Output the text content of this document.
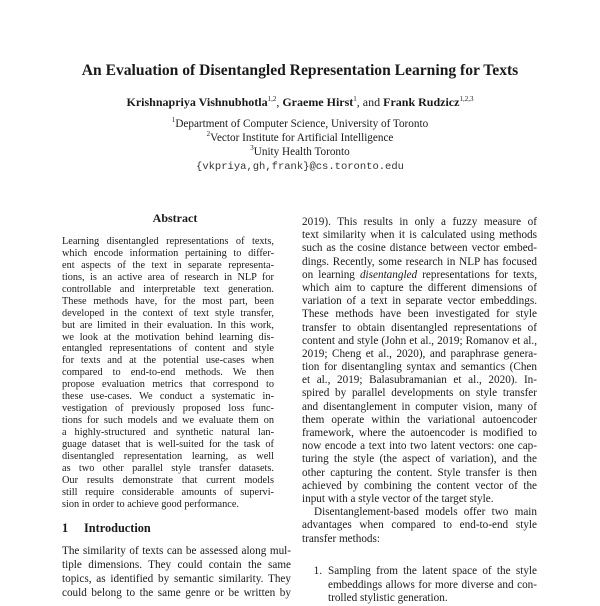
An Evaluation of Disentangled Representation Learning for Texts
Krishnapriya Vishnubhotla$^{1,2}$, Graeme Hirst$^1$, and Frank Rudzicz$^{1,2,3}$
$^1$Department of Computer Science, University of Toronto
$^2$Vector Institute for Artificial Intelligence
$^3$Unity Health Toronto
{vkpriya,gh,frank}@cs.toronto.edu
Abstract
Learning disentangled representations of texts,
which encode information pertaining to differ-
ent aspects of the text in separate representa-
tions, is an active area of research in NLP for
controllable and interpretable text generation.
These methods have, for the most part, been
developed in the context of text style transfer,
but are limited in their evaluation. In this work,
we look at the motivation behind learning dis-
entangled representations of content and style
for texts and at the potential use-cases when
compared to end-to-end methods. We then
propose evaluation metrics that correspond to
these use-cases. We conduct a systematic in-
vestigation of previously proposed loss func-
tions for such models and we evaluate them on
a highly-structured and synthetic natural lan-
guage dataset that is well-suited for the task of
disentangled representation learning, as well
as two other parallel style transfer datasets.
Our results demonstrate that current models
still require considerable amounts of supervi-
sion in order to achieve good performance.
1 Introduction
The similarity of texts can be assessed along mul-
tiple dimensions. They could contain the same
topics, as identified by semantic similarity. They
could belong to the same genre or be written by
2019). This results in only a fuzzy measure of
text similarity when it is calculated using methods
such as the cosine distance between vector embed-
dings. Recently, some research in NLP has focused
on learning disentangled representations for texts,
which aim to capture the different dimensions of
variation of a text in separate vector embeddings.
These methods have been investigated for style
transfer to obtain disentangled representations of
content and style (John et al., 2019; Romanov et al.,
2019; Cheng et al., 2020), and paraphrase genera-
tion for disentangling syntax and semantics (Chen
et al., 2019; Balasubramanian et al., 2020). In-
spired by parallel developments on style transfer
and disentanglement in computer vision, many of
them operate within the variational autoencoder
framework, where the autoencoder is modified to
now encode a text into two latent vectors: one cap-
turing the style (the aspect of variation), and the
other capturing the content. Style transfer is then
achieved by combining the content vector of the
input with a style vector of the target style.
Disentanglement-based models offer two main
advantages when compared to end-to-end style
transfer methods:
1. Sampling from the latent space of the style
embeddings allows for more diverse and con-
trolled stylistic generation.
